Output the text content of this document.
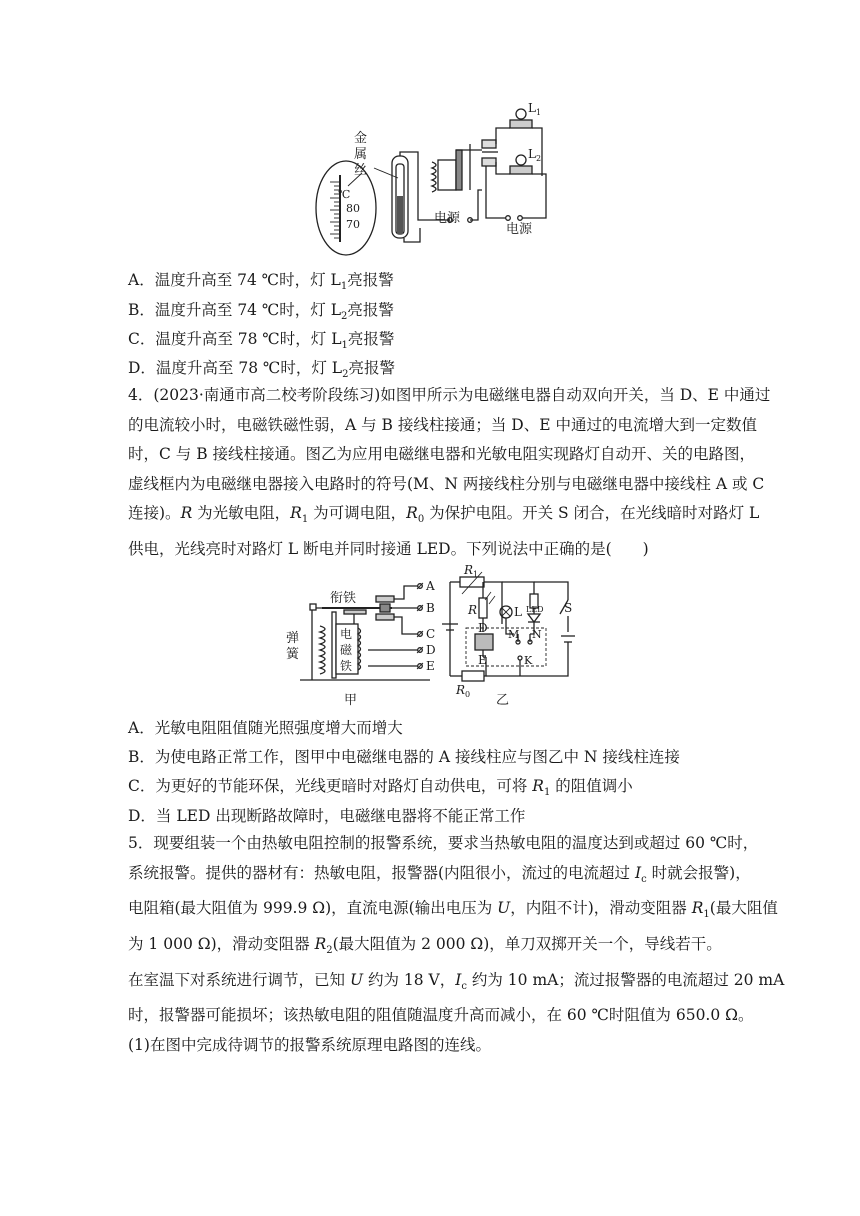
金
属
丝
℃
80
70	电源
电源
$L_1$
$L_2$
A．温度升高至 74 ℃时，灯 $L_1$亮报警
B．温度升高至 74 ℃时，灯 $L_2$亮报警
C．温度升高至 78 ℃时，灯 $L_1$亮报警
D．温度升高至 78 ℃时，灯 $L_2$亮报警
4．(2023·南通市高二校考阶段练习)如图甲所示为电磁继电器自动双向开关，当 D、E 中通过
的电流较小时，电磁铁磁性弱，A 与 B 接线柱接通；当 D、E 中通过的电流增大到一定数值
时，C 与 B 接线柱接通。图乙为应用电磁继电器和光敏电阻实现路灯自动开、关的电路图，
虚线框内为电磁继电器接入电路时的符号(M、N 两接线柱分别与电磁继电器中接线柱 A 或 C
连接)。R 为光敏电阻，$R_1$ 为可调电阻，$R_0$ 为保护电阻。开关 S 闭合，在光线暗时对路灯 L
供电，光线亮时对路灯 L 断电并同时接通 LED。下列说法中正确的是(　　)
衔铁
弹
簧
电
磁
铁
A
B
C
D
E
甲
$R_1$
R	L LED S
D M N
E	K
$R_0$ 乙
A．光敏电阻阻值随光照强度增大而增大
B．为使电路正常工作，图甲中电磁继电器的 A 接线柱应与图乙中 N 接线柱连接
C．为更好的节能环保，光线更暗时对路灯自动供电，可将 $R_1$ 的阻值调小
D．当 LED 出现断路故障时，电磁继电器将不能正常工作
5．现要组装一个由热敏电阻控制的报警系统，要求当热敏电阻的温度达到或超过 60 ℃时，
系统报警。提供的器材有：热敏电阻，报警器(内阻很小，流过的电流超过 $I_c$ 时就会报警)，
电阻箱(最大阻值为 999.9 Ω)，直流电源(输出电压为 U，内阻不计)，滑动变阻器 $R_1$(最大阻值
为 1 000 Ω)，滑动变阻器 $R_2$(最大阻值为 2 000 Ω)，单刀双掷开关一个，导线若干。
在室温下对系统进行调节，已知 U 约为 18 V，$I_c$ 约为 10 mA；流过报警器的电流超过 20 mA
时，报警器可能损坏；该热敏电阻的阻值随温度升高而减小，在 60 ℃时阻值为 650.0 Ω。
(1)在图中完成待调节的报警系统原理电路图的连线。
